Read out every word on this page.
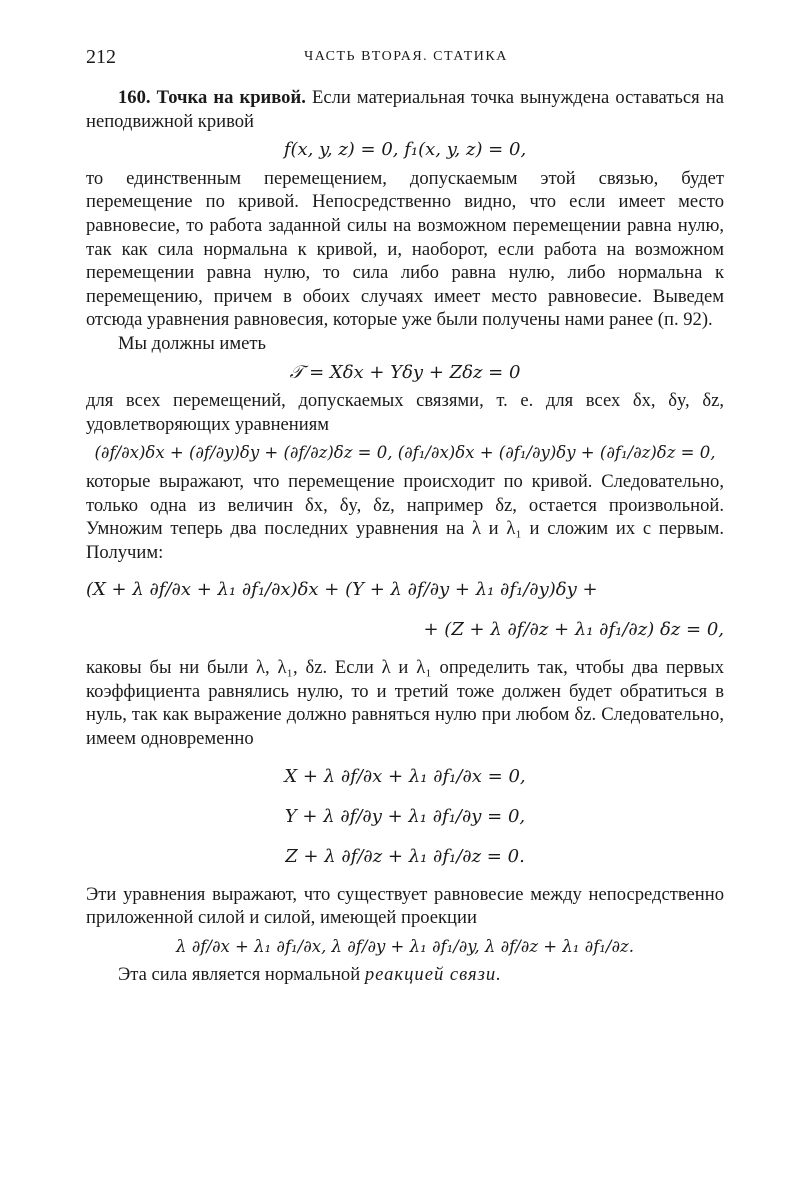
212	ЧАСТЬ ВТОРАЯ. СТАТИКА

160. Точка на кривой. Если материальная точка вынуждена оставаться на неподвижной кривой

f(x, y, z) = 0, f₁(x, y, z) = 0,

то единственным перемещением, допускаемым этой связью, будет перемещение по кривой. Непосредственно видно, что если имеет место равновесие, то работа заданной силы на возможном перемещении равна нулю, так как сила нормальна к кривой, и, наоборот, если работа на возможном перемещении равна нулю, то сила либо равна нулю, либо нормальна к перемещению, причем в обоих случаях имеет место равновесие. Выведем отсюда уравнения равновесия, которые уже были получены нами ранее (п. 92).

Мы должны иметь

𝒯 = Xδx + Yδy + Zδz = 0

для всех перемещений, допускаемых связями, т. е. для всех δx, δy, δz, удовлетворяющих уравнениям

(∂f/∂x)δx + (∂f/∂y)δy + (∂f/∂z)δz = 0, (∂f₁/∂x)δx + (∂f₁/∂y)δy + (∂f₁/∂z)δz = 0,

которые выражают, что перемещение происходит по кривой. Следовательно, только одна из величин δx, δy, δz, например δz, остается произвольной. Умножим теперь два последних уравнения на λ и λ₁ и сложим их с первым. Получим:

(X + λ ∂f/∂x + λ₁ ∂f₁/∂x)δx + (Y + λ ∂f/∂y + λ₁ ∂f₁/∂y)δy +
+ (Z + λ ∂f/∂z + λ₁ ∂f₁/∂z) δz = 0,

каковы бы ни были λ, λ₁, δz. Если λ и λ₁ определить так, чтобы два первых коэффициента равнялись нулю, то и третий тоже должен будет обратиться в нуль, так как выражение должно равняться нулю при любом δz. Следовательно, имеем одновременно

X + λ ∂f/∂x + λ₁ ∂f₁/∂x = 0,
Y + λ ∂f/∂y + λ₁ ∂f₁/∂y = 0,
Z + λ ∂f/∂z + λ₁ ∂f₁/∂z = 0.

Эти уравнения выражают, что существует равновесие между непосредственно приложенной силой и силой, имеющей проекции

λ ∂f/∂x + λ₁ ∂f₁/∂x, λ ∂f/∂y + λ₁ ∂f₁/∂y, λ ∂f/∂z + λ₁ ∂f₁/∂z.

Эта сила является нормальной реакцией связи.
